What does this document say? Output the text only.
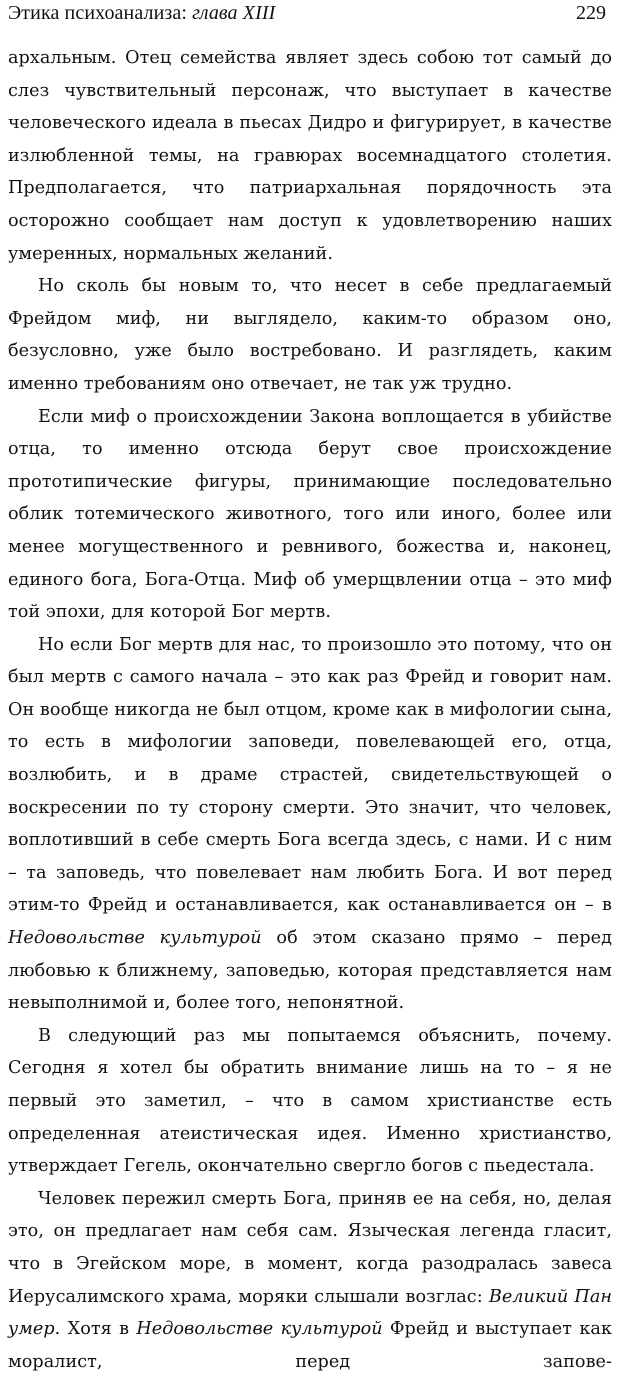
Этика психоанализа: глава XIII	229

архальным. Отец семейства являет здесь собою тот самый до слез чувствительный персонаж, что выступает в качестве человеческого идеала в пьесах Дидро и фигурирует, в качестве излюбленной темы, на гравюрах восемнадцатого столетия. Предполагается, что патриархальная порядочность эта осторожно сообщает нам доступ к удовлетворению наших умеренных, нормальных желаний.

Но сколь бы новым то, что несет в себе предлагаемый Фрейдом миф, ни выглядело, каким-то образом оно, безусловно, уже было востребовано. И разглядеть, каким именно требованиям оно отвечает, не так уж трудно.

Если миф о происхождении Закона воплощается в убийстве отца, то именно отсюда берут свое происхождение прототипические фигуры, принимающие последовательно облик тотемического животного, того или иного, более или менее могущественного и ревнивого, божества и, наконец, единого бога, Бога-Отца. Миф об умерщвлении отца – это миф той эпохи, для которой Бог мертв.

Но если Бог мертв для нас, то произошло это потому, что он был мертв с самого начала – это как раз Фрейд и говорит нам. Он вообще никогда не был отцом, кроме как в мифологии сына, то есть в мифологии заповеди, повелевающей его, отца, возлюбить, и в драме страстей, свидетельствующей о воскресении по ту сторону смерти. Это значит, что человек, воплотивший в себе смерть Бога всегда здесь, с нами. И с ним – та заповедь, что повелевает нам любить Бога. И вот перед этим-то Фрейд и останавливается, как останавливается он – в Недовольстве культурой об этом сказано прямо – перед любовью к ближнему, заповедью, которая представляется нам невыполнимой и, более того, непонятной.

В следующий раз мы попытаемся объяснить, почему. Сегодня я хотел бы обратить внимание лишь на то – я не первый это заметил, – что в самом христианстве есть определенная атеистическая идея. Именно христианство, утверждает Гегель, окончательно свергло богов с пьедестала.

Человек пережил смерть Бога, приняв ее на себя, но, делая это, он предлагает нам себя сам. Языческая легенда гласит, что в Эгейском море, в момент, когда разодралась завеса Иерусалимского храма, моряки слышали возглас: Великий Пан умер. Хотя в Недовольстве культурой Фрейд и выступает как моралист, перед запове-
